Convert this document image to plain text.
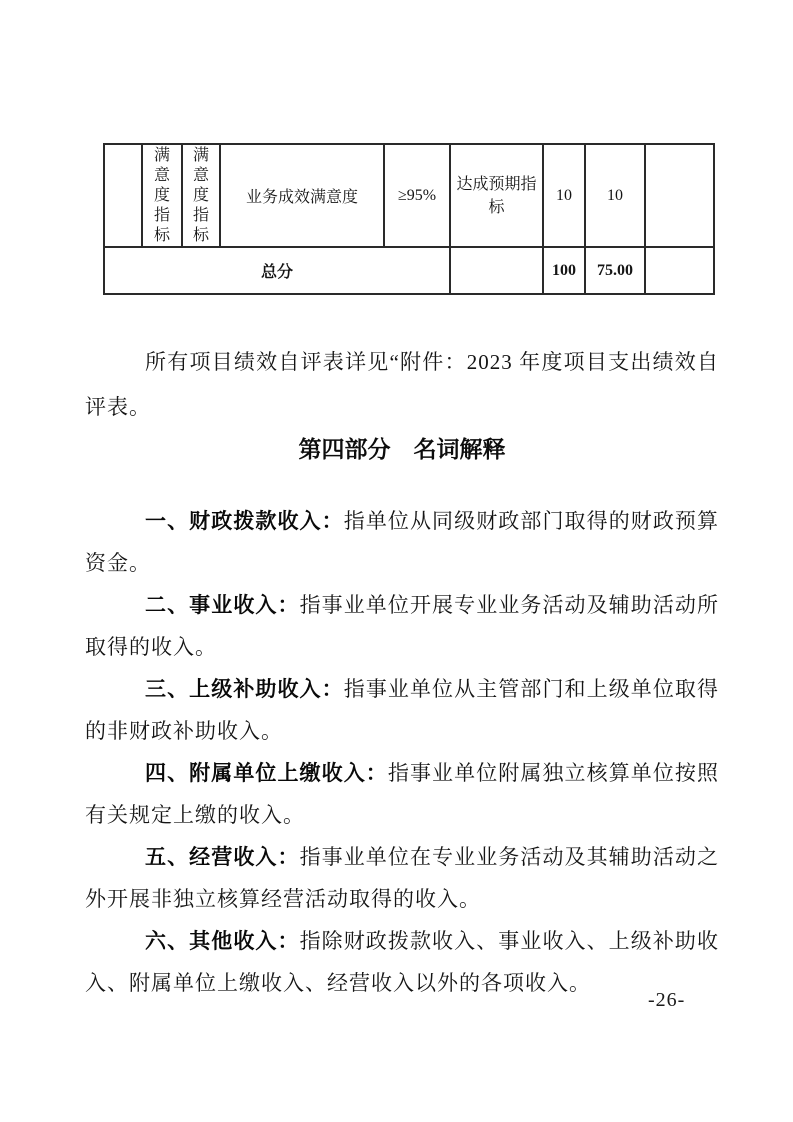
	满意度指标	满意度指标	业务成效满意度	≥95%	达成预期指标	10	10	
总分						100	75.00	

所有项目绩效自评表详见“附件：2023 年度项目支出绩效自评表。

第四部分　名词解释

一、财政拨款收入：指单位从同级财政部门取得的财政预算资金。

二、事业收入：指事业单位开展专业业务活动及辅助活动所取得的收入。

三、上级补助收入：指事业单位从主管部门和上级单位取得的非财政补助收入。

四、附属单位上缴收入：指事业单位附属独立核算单位按照有关规定上缴的收入。

五、经营收入：指事业单位在专业业务活动及其辅助活动之外开展非独立核算经营活动取得的收入。

六、其他收入：指除财政拨款收入、事业收入、上级补助收入、附属单位上缴收入、经营收入以外的各项收入。

-26-
